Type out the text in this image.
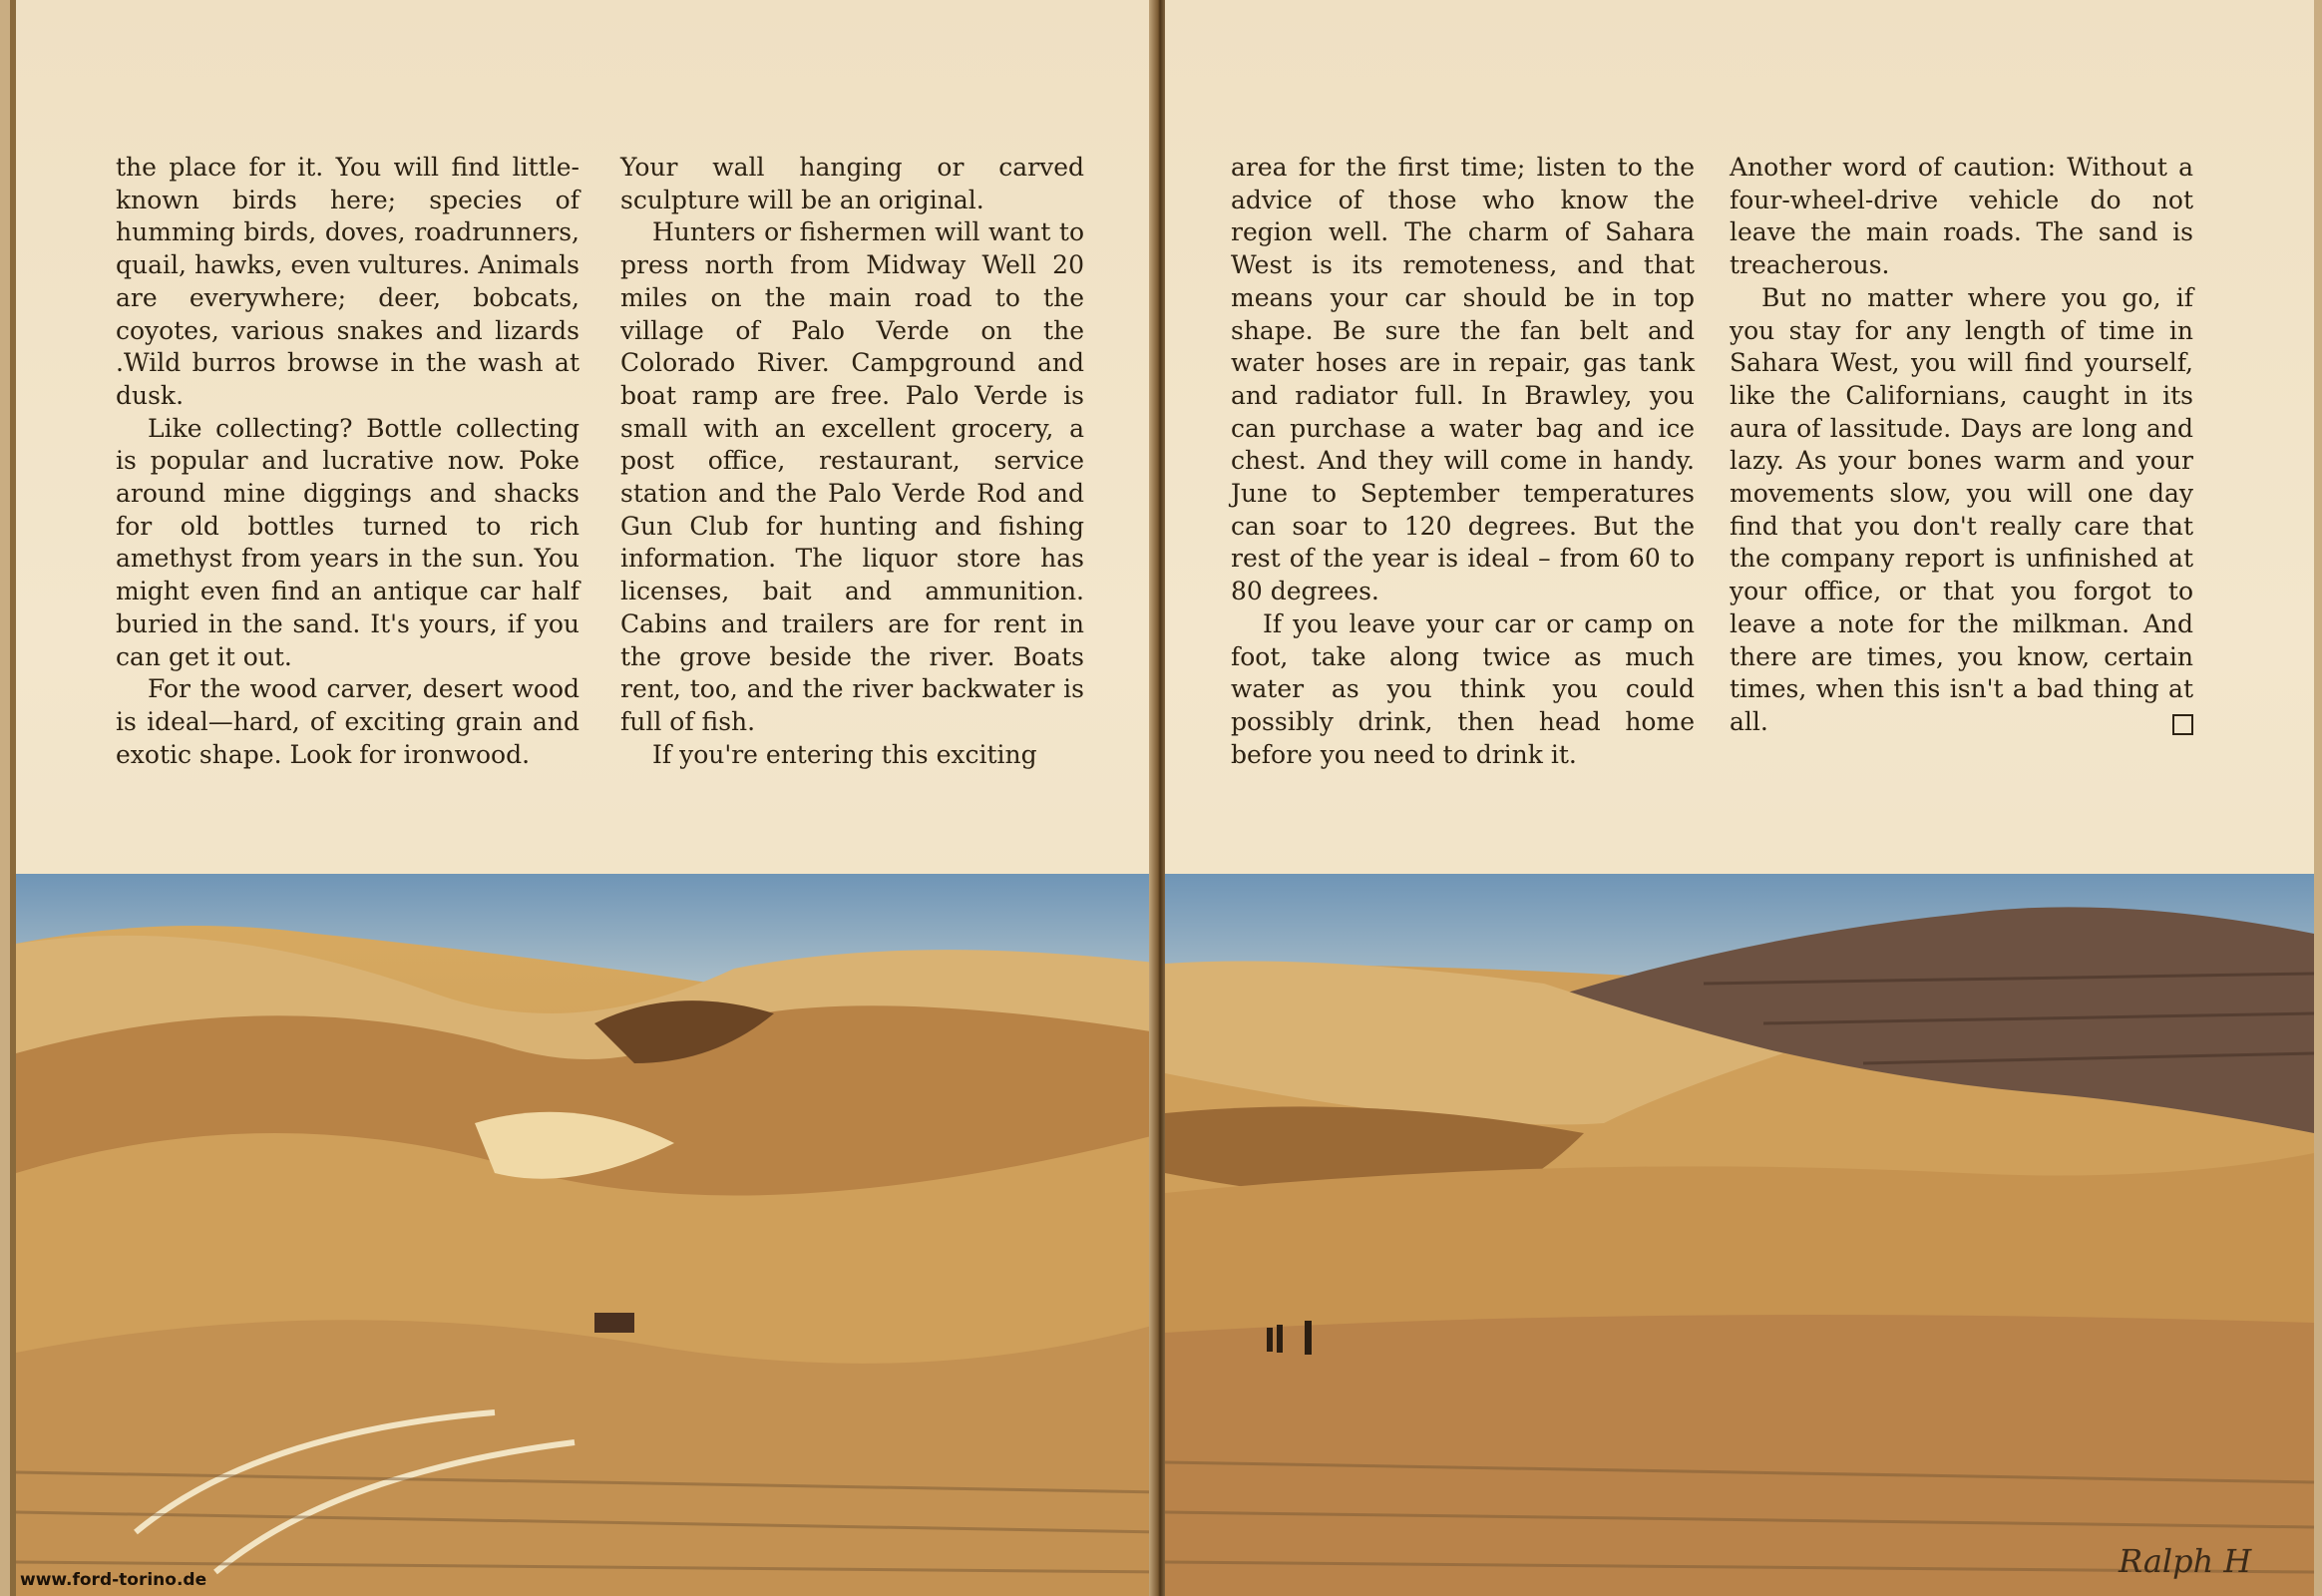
the place for it. You will find little-known birds here; species of humming birds, doves, roadrunners, quail, hawks, even vultures. Animals are everywhere; deer, bobcats, coyotes, various snakes and lizards .Wild burros browse in the wash at dusk.

Like collecting? Bottle collecting is popular and lucrative now. Poke around mine diggings and shacks for old bottles turned to rich amethyst from years in the sun. You might even find an antique car half buried in the sand. It's yours, if you can get it out.

For the wood carver, desert wood is ideal—hard, of exciting grain and exotic shape. Look for ironwood.

Your wall hanging or carved sculpture will be an original.

Hunters or fishermen will want to press north from Midway Well 20 miles on the main road to the village of Palo Verde on the Colorado River. Campground and boat ramp are free. Palo Verde is small with an excellent grocery, a post office, restaurant, service station and the Palo Verde Rod and Gun Club for hunting and fishing information. The liquor store has licenses, bait and ammunition. Cabins and trailers are for rent in the grove beside the river. Boats rent, too, and the river backwater is full of fish.

If you're entering this exciting

www.ford-torino.de

area for the first time; listen to the advice of those who know the region well. The charm of Sahara West is its remoteness, and that means your car should be in top shape. Be sure the fan belt and water hoses are in repair, gas tank and radiator full. In Brawley, you can purchase a water bag and ice chest. And they will come in handy. June to September temperatures can soar to 120 degrees. But the rest of the year is ideal – from 60 to 80 degrees.

If you leave your car or camp on foot, take along twice as much water as you think you could possibly drink, then head home before you need to drink it.

Another word of caution: Without a four-wheel-drive vehicle do not leave the main roads. The sand is treacherous.

But no matter where you go, if you stay for any length of time in Sahara West, you will find yourself, like the Californians, caught in its aura of lassitude. Days are long and lazy. As your bones warm and your movements slow, you will one day find that you don't really care that the company report is unfinished at your office, or that you forgot to leave a note for the milkman. And there are times, you know, certain times, when this isn't a bad thing at all.

Ralph H
